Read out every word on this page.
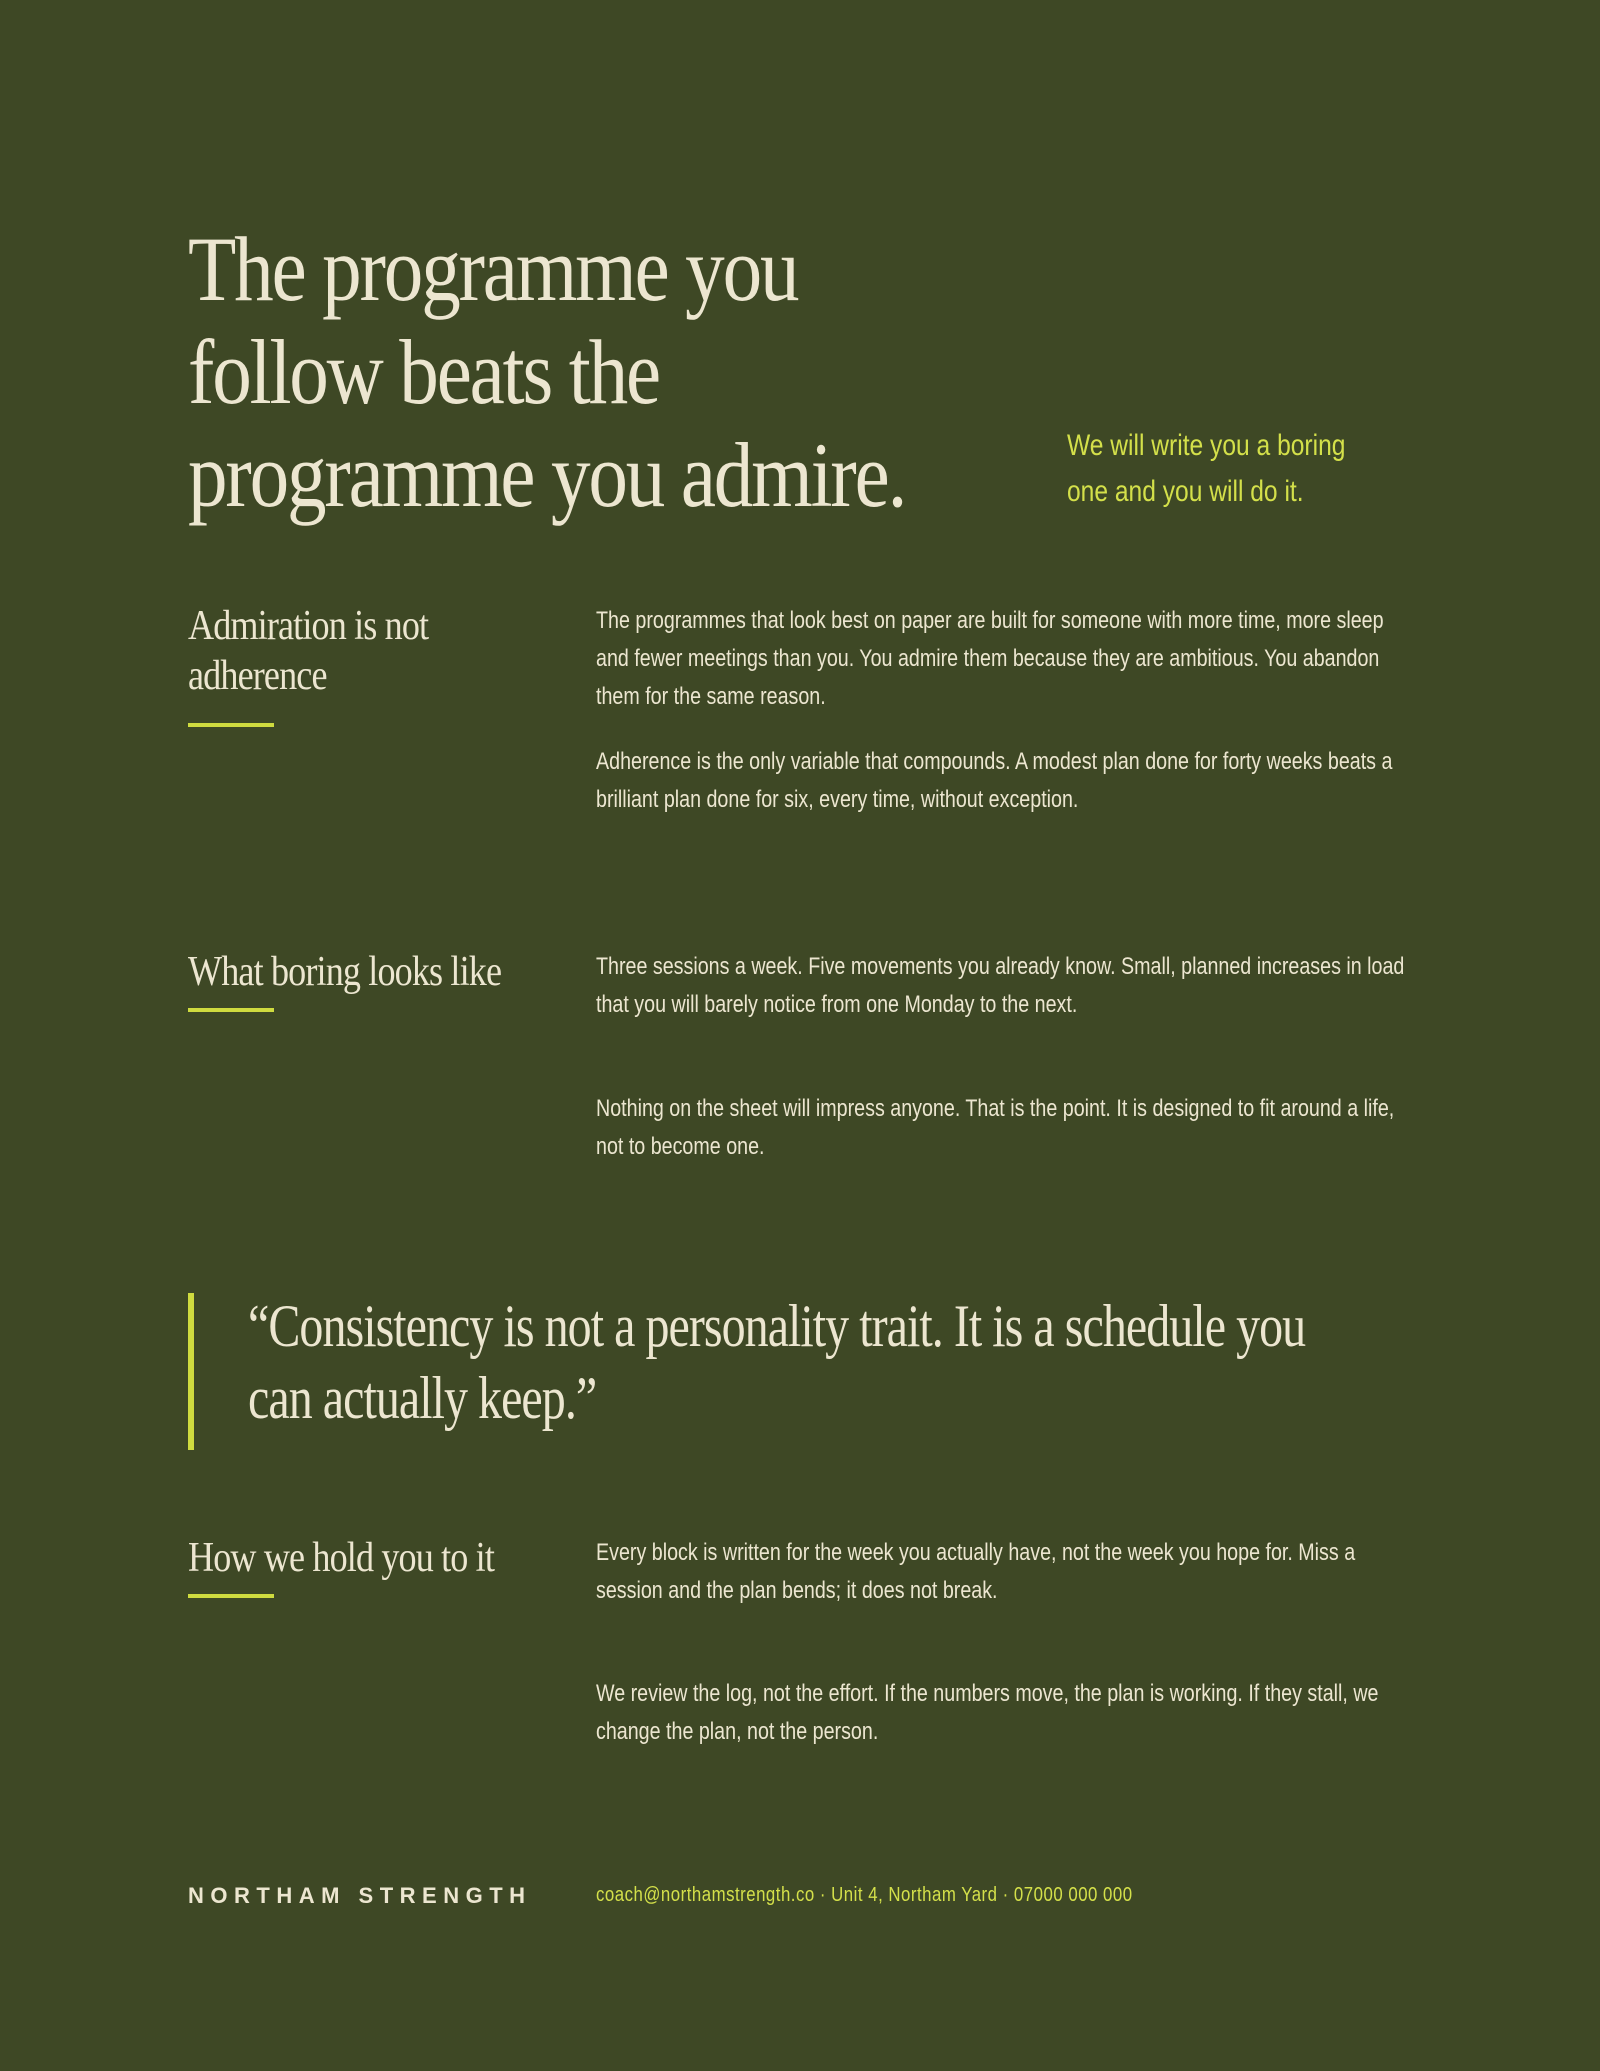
The programme you
follow beats the
programme you admire.	We will write you a boring
one and you will do it.

Admiration is not
adherence

The programmes that look best on paper are built for someone with more time, more sleep and fewer meetings than you. You admire them because they are ambitious. You abandon them for the same reason.

Adherence is the only variable that compounds. A modest plan done for forty weeks beats a brilliant plan done for six, every time, without exception.

What boring looks like	Three sessions a week. Five movements you already know. Small, planned increases in load that you will barely notice from one Monday to the next.

Nothing on the sheet will impress anyone. That is the point. It is designed to fit around a life, not to become one.

“Consistency is not a personality trait. It is a schedule you can actually keep.”
How we hold you to it	Every block is written for the week you actually have, not the week you hope for. Miss a session and the plan bends; it does not break.

We review the log, not the effort. If the numbers move, the plan is working. If they stall, we change the plan, not the person.

NORTHAM STRENGTH	coach@northamstrength.co · Unit 4, Northam Yard · 07000 000 000
